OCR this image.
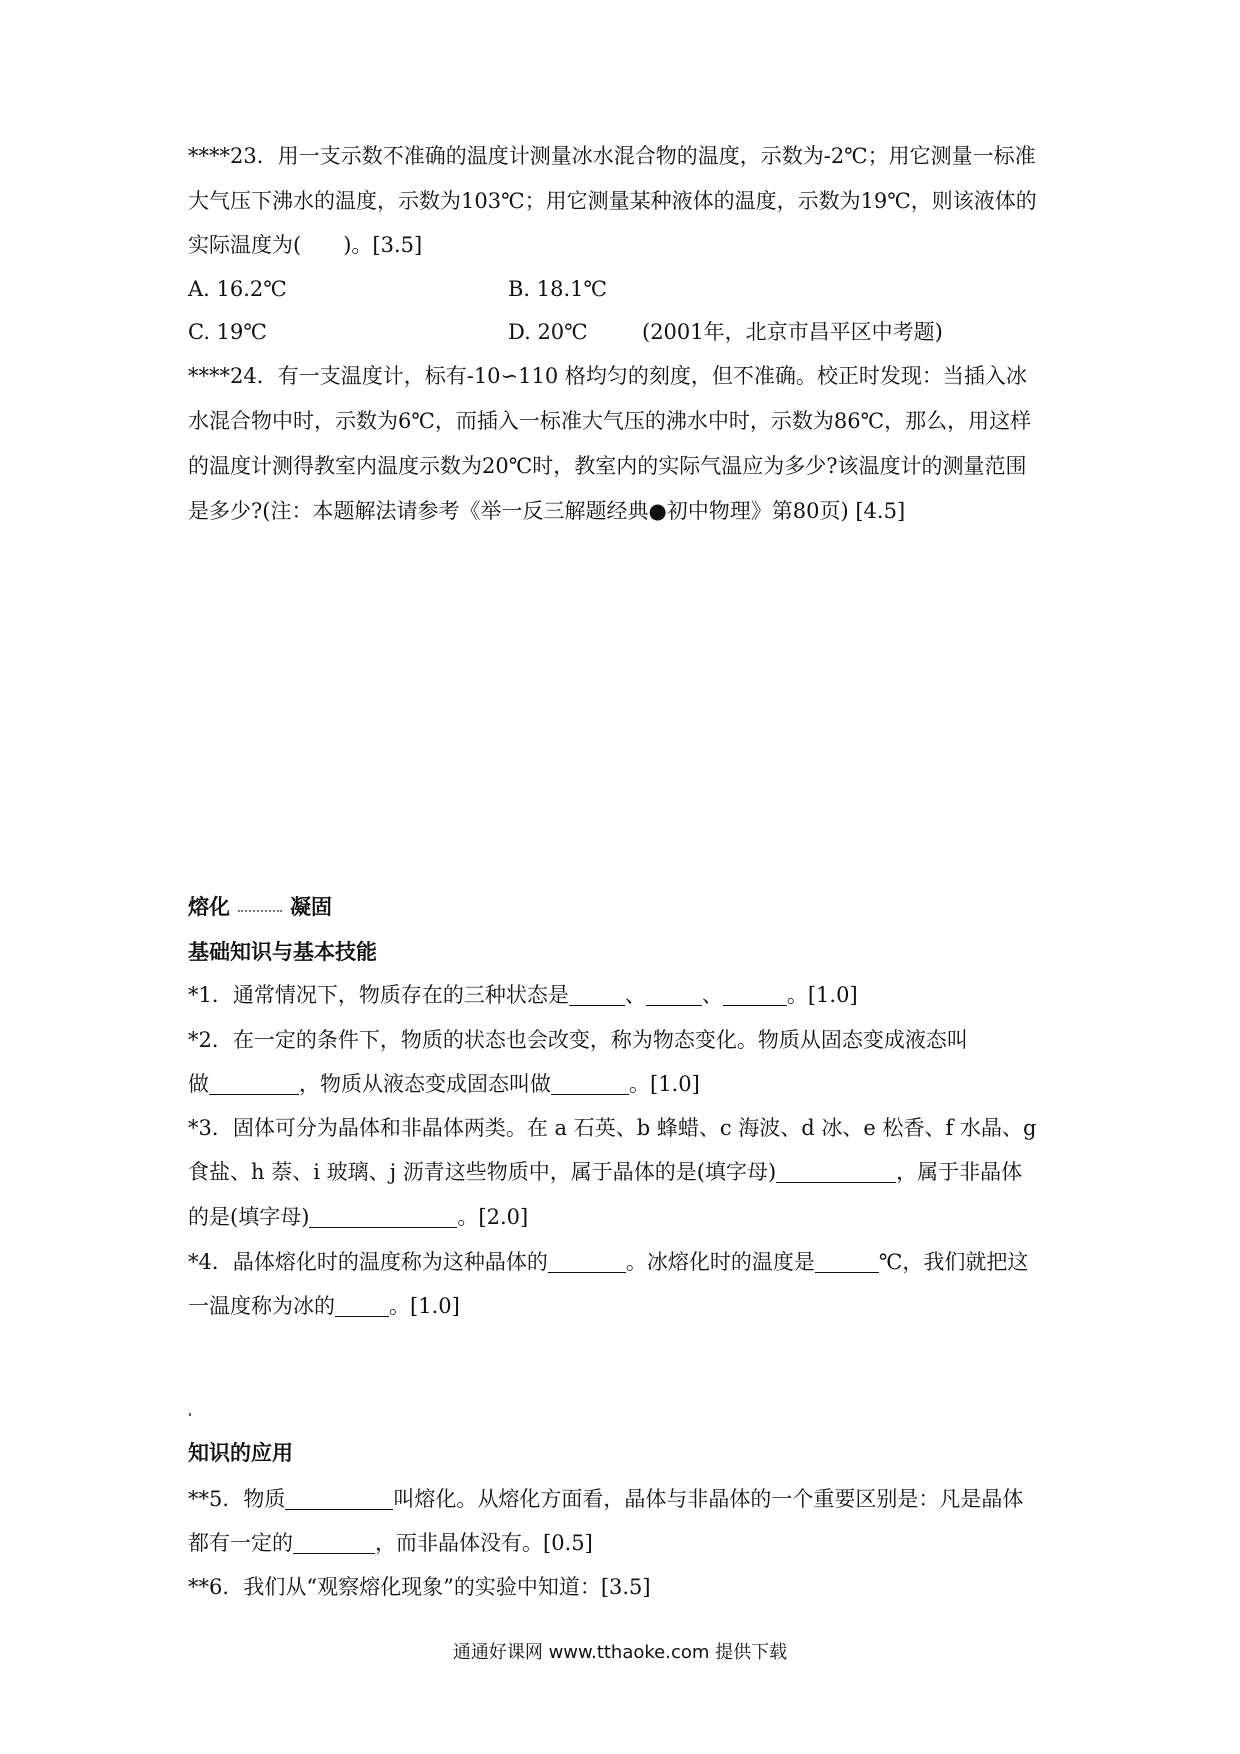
****23．用一支示数不准确的温度计测量冰水混合物的温度，示数为-2℃；用它测量一标准
大气压下沸水的温度，示数为103℃；用它测量某种液体的温度，示数为19℃，则该液体的
实际温度为(　　)。[3.5]
A. 16.2℃	B. 18.1℃
C. 19℃	D. 20℃	(2001年，北京市昌平区中考题)
****24．有一支温度计，标有-10∽110 格均匀的刻度，但不准确。校正时发现：当插入冰
水混合物中时，示数为6℃，而插入一标准大气压的沸水中时，示数为86℃，那么，用这样
的温度计测得教室内温度示数为20℃时，教室内的实际气温应为多少?该温度计的测量范围
是多少?(注：本题解法请参考《举一反三解题经典●初中物理》第80页) [4.5]
熔化	凝固
基础知识与基本技能
*1．通常情况下，物质存在的三种状态是	、	、	。[1.0]
*2．在一定的条件下，物质的状态也会改变，称为物态变化。物质从固态变成液态叫
做	，物质从液态变成固态叫做	。[1.0]
*3．固体可分为晶体和非晶体两类。在 a 石英、b 蜂蜡、c 海波、d 冰、e 松香、f 水晶、g
食盐、h 萘、i 玻璃、j 沥青这些物质中，属于晶体的是(填字母)	，属于非晶体
的是(填字母)	。[2.0]
*4．晶体熔化时的温度称为这种晶体的	。冰熔化时的温度是	℃，我们就把这
一温度称为冰的	。[1.0]
知识的应用
**5．物质	叫熔化。从熔化方面看，晶体与非晶体的一个重要区别是：凡是晶体
都有一定的	，而非晶体没有。[0.5]
**6．我们从“观察熔化现象”的实验中知道：[3.5]
通通好课网 www.tthaoke.com 提供下载
